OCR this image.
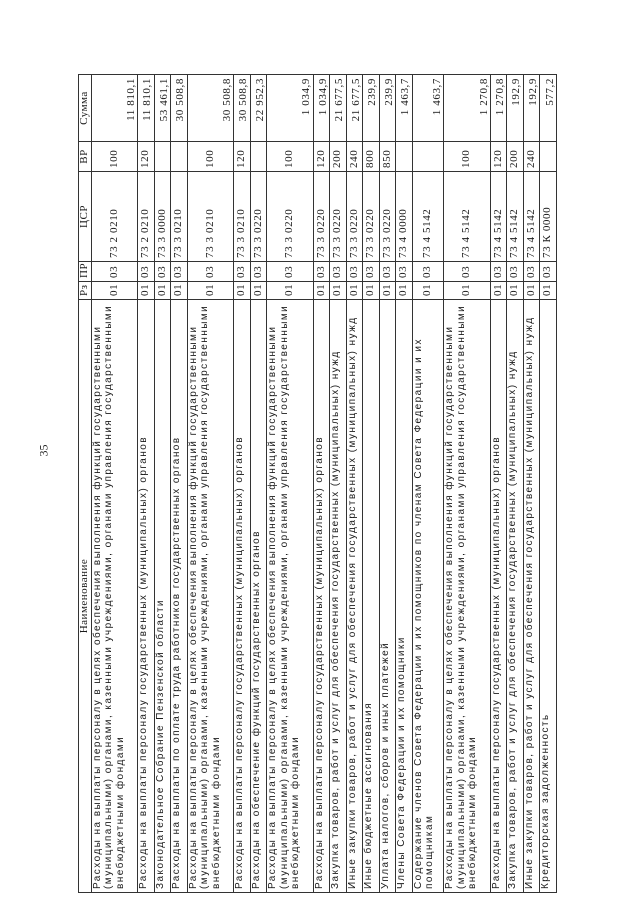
35
Наименование	Рз	ПР	ЦСР	ВР	Сумма
Расходы на выплаты персоналу в целях обеспечения выполнения функций государственными (муниципальными) органами, казенными учреждениями, органами управления государственными внебюджетными фондами	01	03	73 2 0210	100	11 810,1
Расходы на выплаты персоналу государственных (муниципальных) органов	01	03	73 2 0210	120	11 810,1
Законодательное Собрание Пензенской области	01	03	73 3 0000		53 461,1
Расходы на выплаты по оплате труда работников государственных органов	01	03	73 3 0210		30 508,8
Расходы на выплаты персоналу в целях обеспечения выполнения функций государственными (муниципальными) органами, казенными учреждениями, органами управления государственными внебюджетными фондами	01	03	73 3 0210	100	30 508,8
Расходы на выплаты персоналу государственных (муниципальных) органов	01	03	73 3 0210	120	30 508,8
Расходы на обеспечение функций государственных органов	01	03	73 3 0220		22 952,3
Расходы на выплаты персоналу в целях обеспечения выполнения функций государственными (муниципальными) органами, казенными учреждениями, органами управления государственными внебюджетными фондами	01	03	73 3 0220	100	1 034,9
Расходы на выплаты персоналу государственных (муниципальных) органов	01	03	73 3 0220	120	1 034,9
Закупка товаров, работ и услуг для обеспечения государственных (муниципальных) нужд	01	03	73 3 0220	200	21 677,5
Иные закупки товаров, работ и услуг для обеспечения государственных (муниципальных) нужд	01	03	73 3 0220	240	21 677,5
Иные бюджетные ассигнования	01	03	73 3 0220	800	239,9
Уплата налогов, сборов и иных платежей	01	03	73 3 0220	850	239,9
Члены Совета Федерации и их помощники	01	03	73 4 0000		1 463,7
Содержание членов Совета Федерации и их помощников по членам Совета Федерации и их помощникам	01	03	73 4 5142		1 463,7
Расходы на выплаты персоналу в целях обеспечения выполнения функций государственными (муниципальными) органами, казенными учреждениями, органами управления государственными внебюджетными фондами	01	03	73 4 5142	100	1 270,8
Расходы на выплаты персоналу государственных (муниципальных) органов	01	03	73 4 5142	120	1 270,8
Закупка товаров, работ и услуг для обеспечения государственных (муниципальных) нужд	01	03	73 4 5142	200	192,9
Иные закупки товаров, работ и услуг для обеспечения государственных (муниципальных) нужд	01	03	73 4 5142	240	192,9
Кредиторская задолженность	01	03	73 К 0000		577,2
